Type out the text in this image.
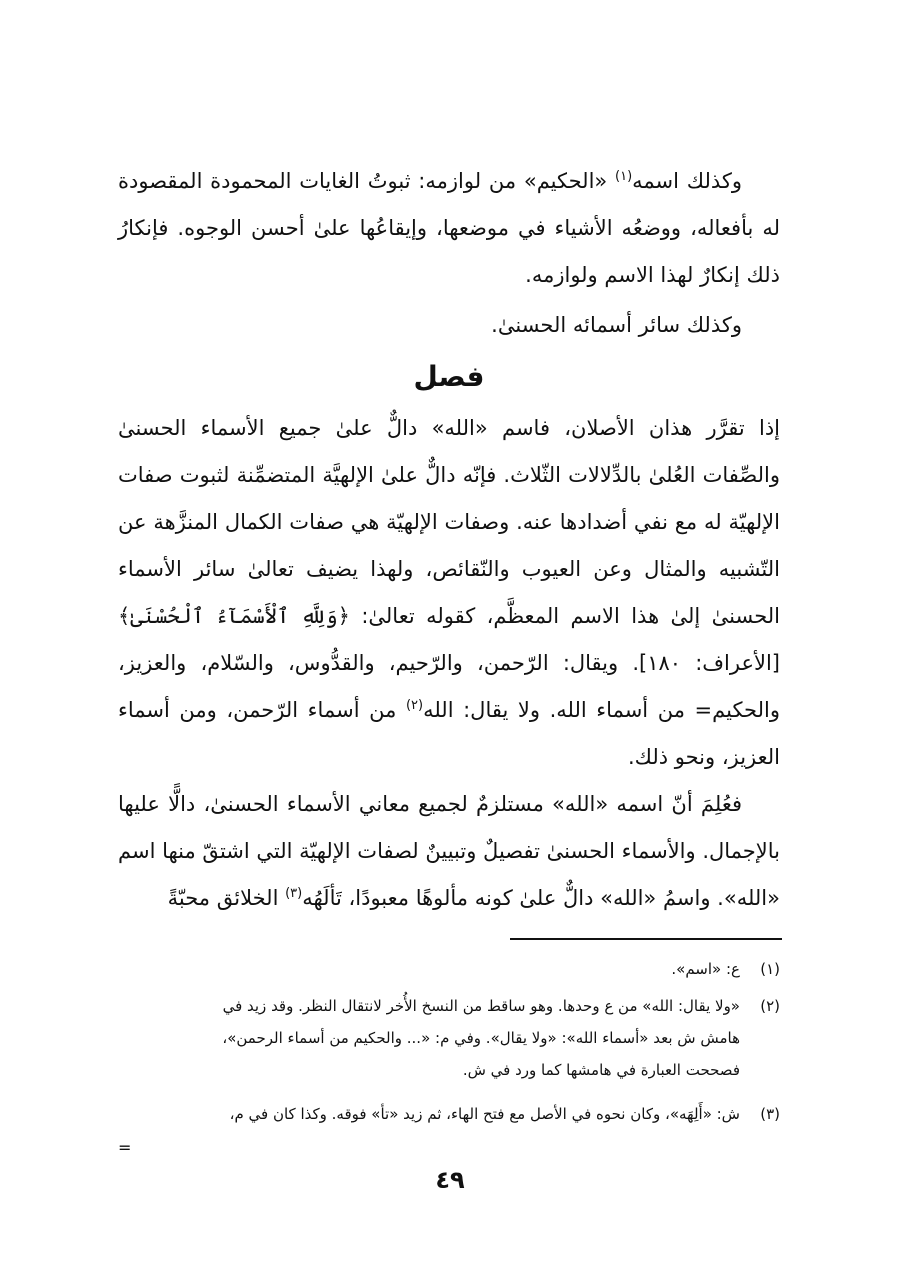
وكذلك اسمه$^{(١)}$ «الحكيم» من لوازمه: ثبوتُ الغايات المحمودة المقصودة له بأفعاله، ووضعُه الأشياء في موضعها، وإيقاعُها علىٰ أحسن الوجوه. فإنكارُ ذلك إنكارٌ لهذا الاسم ولوازمه.

وكذلك سائر أسمائه الحسنىٰ.

فصل

إذا تقرَّر هذان الأصلان، فاسم «الله» دالٌّ علىٰ جميع الأسماء الحسنىٰ والصِّفات العُلىٰ بالدِّلالات الثّلاث. فإنّه دالٌّ علىٰ الإلهيَّة المتضمِّنة لثبوت صفات الإلهيّة له مع نفي أضدادها عنه. وصفات الإلهيّة هي صفات الكمال المنزَّهة عن التّشبيه والمثال وعن العيوب والنّقائص، ولهذا يضيف تعالىٰ سائر الأسماء الحسنىٰ إلىٰ هذا الاسم المعظَّم، كقوله تعالىٰ: ﴿وَلِلَّهِ ٱلْأَسْمَآءُ ٱلْحُسْنَىٰ﴾ [الأعراف: ١٨٠]. ويقال: الرّحمن، والرّحيم، والقدُّوس، والسّلام، والعزيز، والحكيم= من أسماء الله. ولا يقال: الله$^{(٢)}$ من أسماء الرّحمن، ومن أسماء العزيز، ونحو ذلك.

فعُلِمَ أنّ اسمه «الله» مستلزمٌ لجميع معاني الأسماء الحسنىٰ، دالًّا عليها بالإجمال. والأسماء الحسنىٰ تفصيلٌ وتبيينٌ لصفات الإلهيّة التي اشتقّ منها اسم «الله». واسمُ «الله» دالٌّ علىٰ كونه مألوهًا معبودًا، تَألَهُه$^{(٣)}$ الخلائق محبّةً

(١)ع: «اسم».

(٢)«ولا يقال: الله» من ع وحدها. وهو ساقط من النسخ الأُخر لانتقال النظر. وقد زيد في

هامش ش بعد «أسماء الله»: «ولا يقال». وفي م: «... والحكيم من أسماء الرحمن»،

فصححت العبارة في هامشها كما ورد في ش.

(٣)ش: «أَلِهَه»، وكان نحوه في الأصل مع فتح الهاء، ثم زيد «تأ» فوقه. وكذا كان في م،

=
٤٩
